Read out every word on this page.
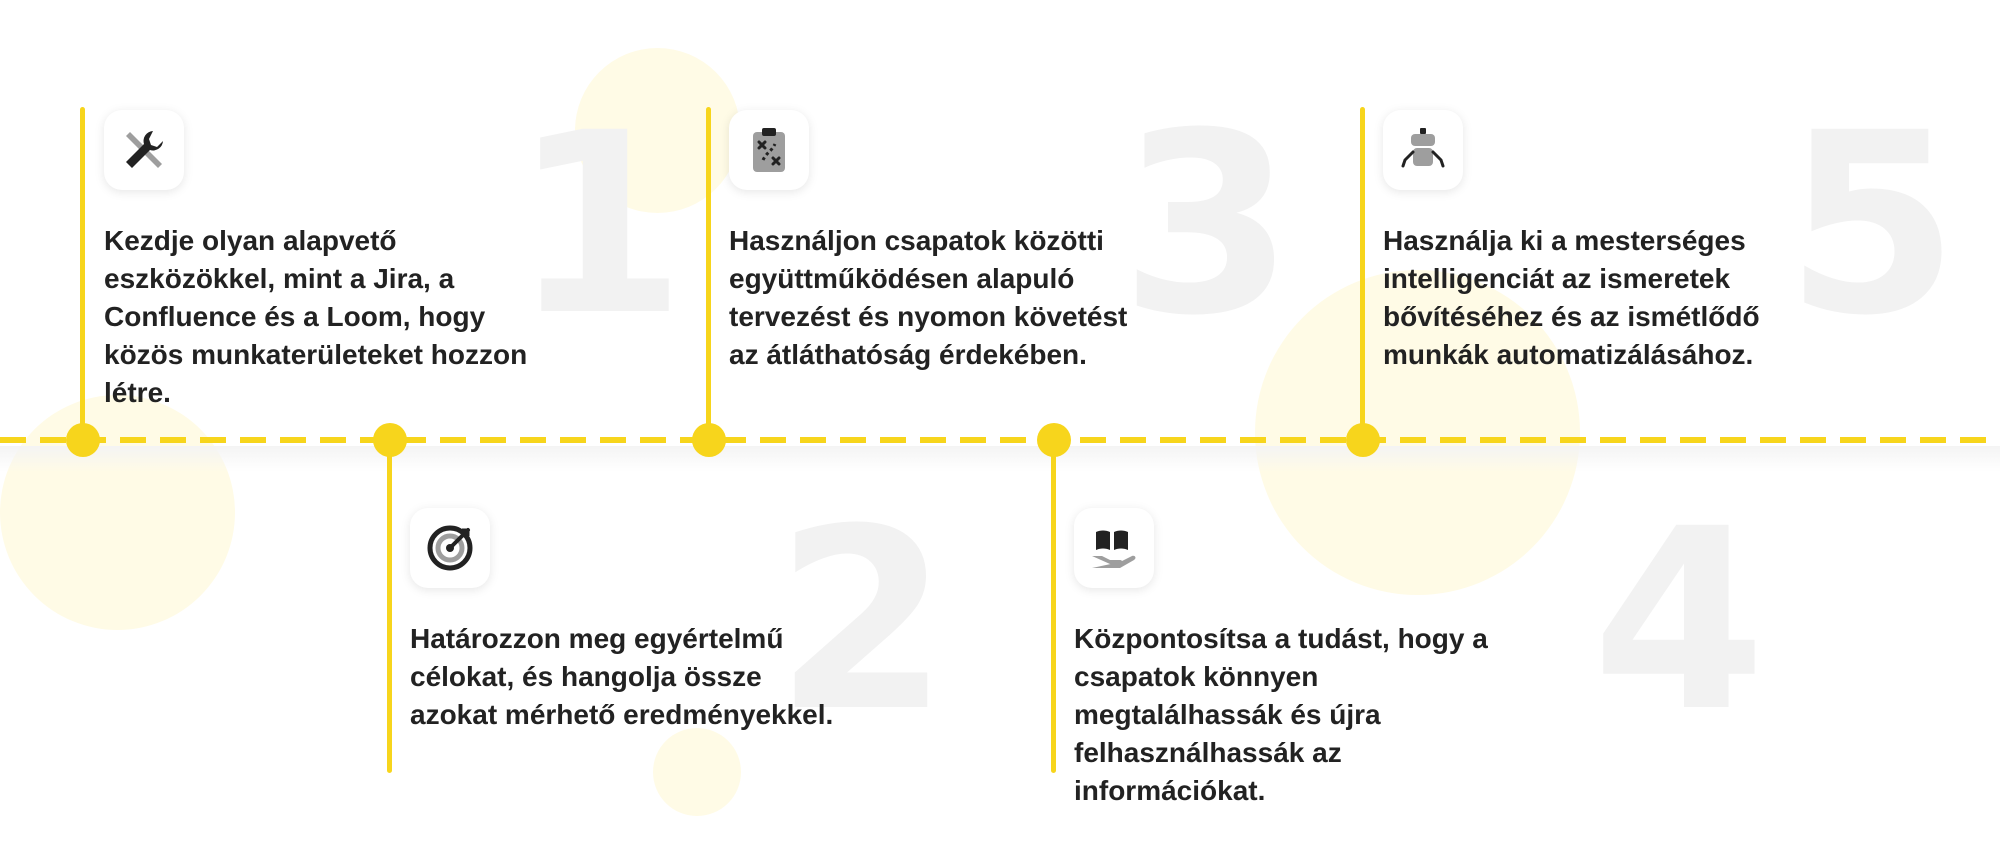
1
2
3
4
5

Kezdje olyan alapvető eszközökkel, mint a Jira, a Confluence és a Loom, hogy közös munkaterületeket hozzon létre.

Határozzon meg egyértelmű célokat, és hangolja össze azokat mérhető eredményekkel.

Használjon csapatok közötti együttműködésen alapuló tervezést és nyomon követést az átláthatóság érdekében.

Központosítsa a tudást, hogy a csapatok könnyen megtalálhassák és újra felhasználhassák az információkat.

Használja ki a mesterséges intelligenciát az ismeretek bővítéséhez és az ismétlődő munkák automatizálásához.
